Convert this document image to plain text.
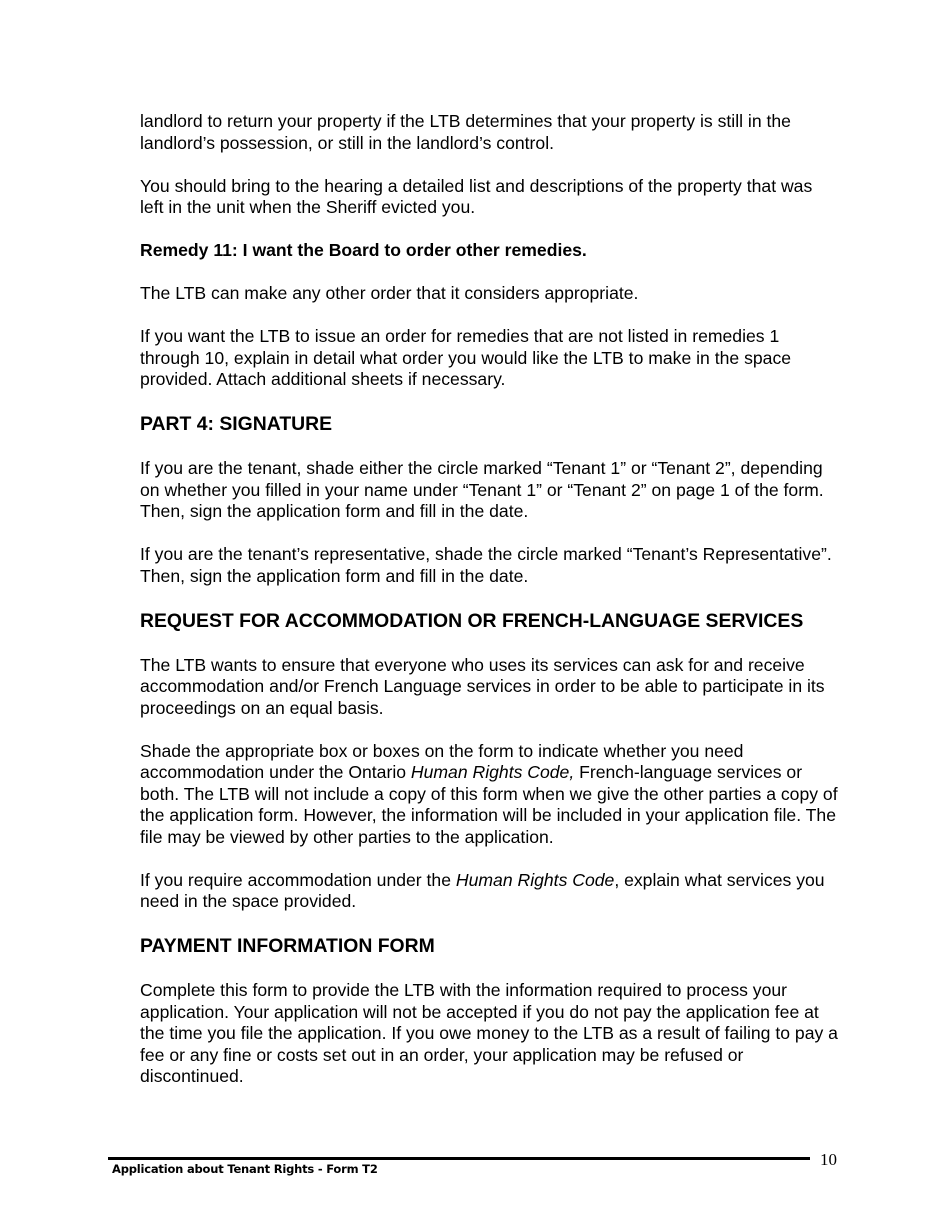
landlord to return your property if the LTB determines that your property is still in the landlord’s possession, or still in the landlord’s control.

You should bring to the hearing a detailed list and descriptions of the property that was left in the unit when the Sheriff evicted you.

Remedy 11: I want the Board to order other remedies.

The LTB can make any other order that it considers appropriate.

If you want the LTB to issue an order for remedies that are not listed in remedies 1 through 10, explain in detail what order you would like the LTB to make in the space provided. Attach additional sheets if necessary.

PART 4: SIGNATURE

If you are the tenant, shade either the circle marked “Tenant 1” or “Tenant 2”, depending on whether you filled in your name under “Tenant 1” or “Tenant 2” on page 1 of the form. Then, sign the application form and fill in the date.

If you are the tenant’s representative, shade the circle marked “Tenant’s Representative”. Then, sign the application form and fill in the date.

REQUEST FOR ACCOMMODATION OR FRENCH-LANGUAGE SERVICES

The LTB wants to ensure that everyone who uses its services can ask for and receive accommodation and/or French Language services in order to be able to participate in its proceedings on an equal basis.

Shade the appropriate box or boxes on the form to indicate whether you need accommodation under the Ontario Human Rights Code, French-language services or both. The LTB will not include a copy of this form when we give the other parties a copy of the application form. However, the information will be included in your application file. The file may be viewed by other parties to the application.

If you require accommodation under the Human Rights Code, explain what services you need in the space provided.

PAYMENT INFORMATION FORM

Complete this form to provide the LTB with the information required to process your application. Your application will not be accepted if you do not pay the application fee at the time you file the application. If you owe money to the LTB as a result of failing to pay a fee or any fine or costs set out in an order, your application may be refused or discontinued.

Application about Tenant Rights - Form T2	10
